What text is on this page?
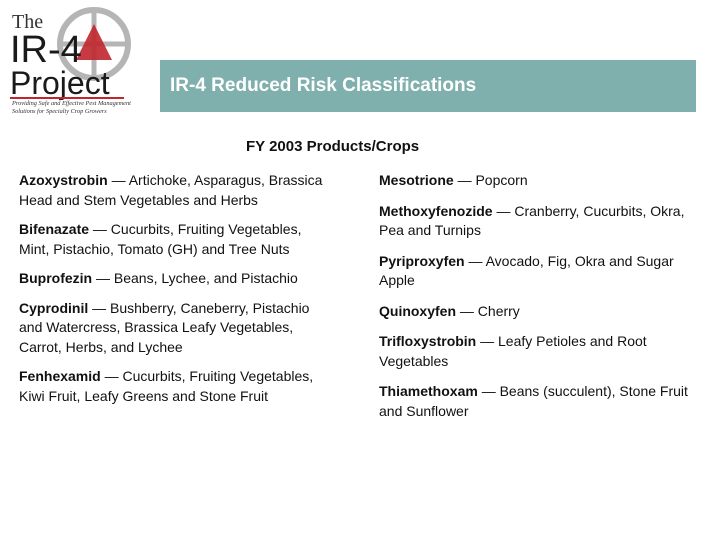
The
IR-4
Project
Providing Safe and Effective Pest Management Solutions for Specialty Crop Growers
IR-4 Reduced Risk Classifications
FY 2003 Products/Crops
Azoxystrobin — Artichoke, Asparagus, Brassica Head and Stem Vegetables and Herbs
Bifenazate — Cucurbits, Fruiting Vegetables, Mint, Pistachio, Tomato (GH) and Tree Nuts
Buprofezin — Beans, Lychee, and Pistachio
Cyprodinil — Bushberry, Caneberry, Pistachio and Watercress, Brassica Leafy Vegetables, Carrot, Herbs, and Lychee
Fenhexamid — Cucurbits, Fruiting Vegetables, Kiwi Fruit, Leafy Greens and Stone Fruit
Mesotrione — Popcorn
Methoxyfenozide — Cranberry, Cucurbits, Okra, Pea and Turnips
Pyriproxyfen — Avocado, Fig, Okra and Sugar Apple
Quinoxyfen — Cherry
Trifloxystrobin — Leafy Petioles and Root Vegetables
Thiamethoxam — Beans (succulent), Stone Fruit and Sunflower
